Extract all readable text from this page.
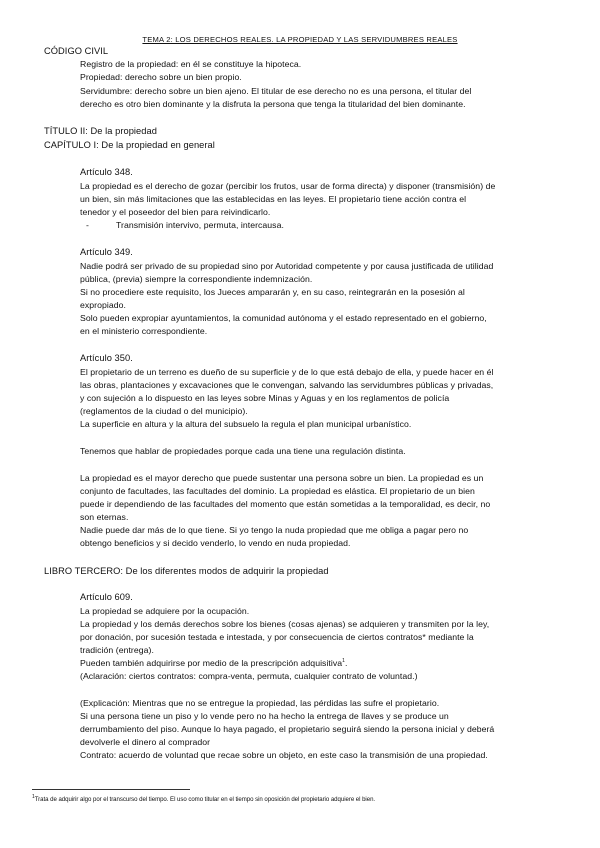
TEMA 2: LOS DERECHOS REALES. LA PROPIEDAD Y LAS SERVIDUMBRES REALES
CÓDIGO CIVIL
Registro de la propiedad: en él se constituye la hipoteca.
Propiedad: derecho sobre un bien propio.
Servidumbre: derecho sobre un bien ajeno. El titular de ese derecho no es una persona, el titular del
derecho es otro bien dominante y la disfruta la persona que tenga la titularidad del bien dominante.
TÍTULO II: De la propiedad
CAPÍTULO I: De la propiedad en general
Artículo 348.
La propiedad es el derecho de gozar (percibir los frutos, usar de forma directa) y disponer (transmisión) de
un bien, sin más limitaciones que las establecidas en las leyes. El propietario tiene acción contra el
tenedor y el poseedor del bien para reivindicarlo.
-	Transmisión intervivo, permuta, intercausa.
Artículo 349.
Nadie podrá ser privado de su propiedad sino por Autoridad competente y por causa justificada de utilidad
pública, (previa) siempre la correspondiente indemnización.
Si no procediere este requisito, los Jueces ampararán y, en su caso, reintegrarán en la posesión al
expropiado.
Solo pueden expropiar ayuntamientos, la comunidad autónoma y el estado representado en el gobierno,
en el ministerio correspondiente.
Artículo 350.
El propietario de un terreno es dueño de su superficie y de lo que está debajo de ella, y puede hacer en él
las obras, plantaciones y excavaciones que le convengan, salvando las servidumbres públicas y privadas,
y con sujeción a lo dispuesto en las leyes sobre Minas y Aguas y en los reglamentos de policía
(reglamentos de la ciudad o del municipio).
La superficie en altura y la altura del subsuelo la regula el plan municipal urbanístico.
Tenemos que hablar de propiedades porque cada una tiene una regulación distinta.
La propiedad es el mayor derecho que puede sustentar una persona sobre un bien. La propiedad es un
conjunto de facultades, las facultades del dominio. La propiedad es elástica. El propietario de un bien
puede ir dependiendo de las facultades del momento que están sometidas a la temporalidad, es decir, no
son eternas.
Nadie puede dar más de lo que tiene. Si yo tengo la nuda propiedad que me obliga a pagar pero no
obtengo beneficios y si decido venderlo, lo vendo en nuda propiedad.
LIBRO TERCERO: De los diferentes modos de adquirir la propiedad
Artículo 609.
La propiedad se adquiere por la ocupación.
La propiedad y los demás derechos sobre los bienes (cosas ajenas) se adquieren y transmiten por la ley,
por donación, por sucesión testada e intestada, y por consecuencia de ciertos contratos* mediante la
tradición (entrega).
Pueden también adquirirse por medio de la prescripción adquisitiva$^1$.
(Aclaración: ciertos contratos: compra-venta, permuta, cualquier contrato de voluntad.)
(Explicación: Mientras que no se entregue la propiedad, las pérdidas las sufre el propietario.
Si una persona tiene un piso y lo vende pero no ha hecho la entrega de llaves y se produce un
derrumbamiento del piso. Aunque lo haya pagado, el propietario seguirá siendo la persona inicial y deberá
devolverle el dinero al comprador
Contrato: acuerdo de voluntad que recae sobre un objeto, en este caso la transmisión de una propiedad.
$^1$Trata de adquirir algo por el transcurso del tiempo. El uso como titular en el tiempo sin oposición del propietario adquiere el bien.
